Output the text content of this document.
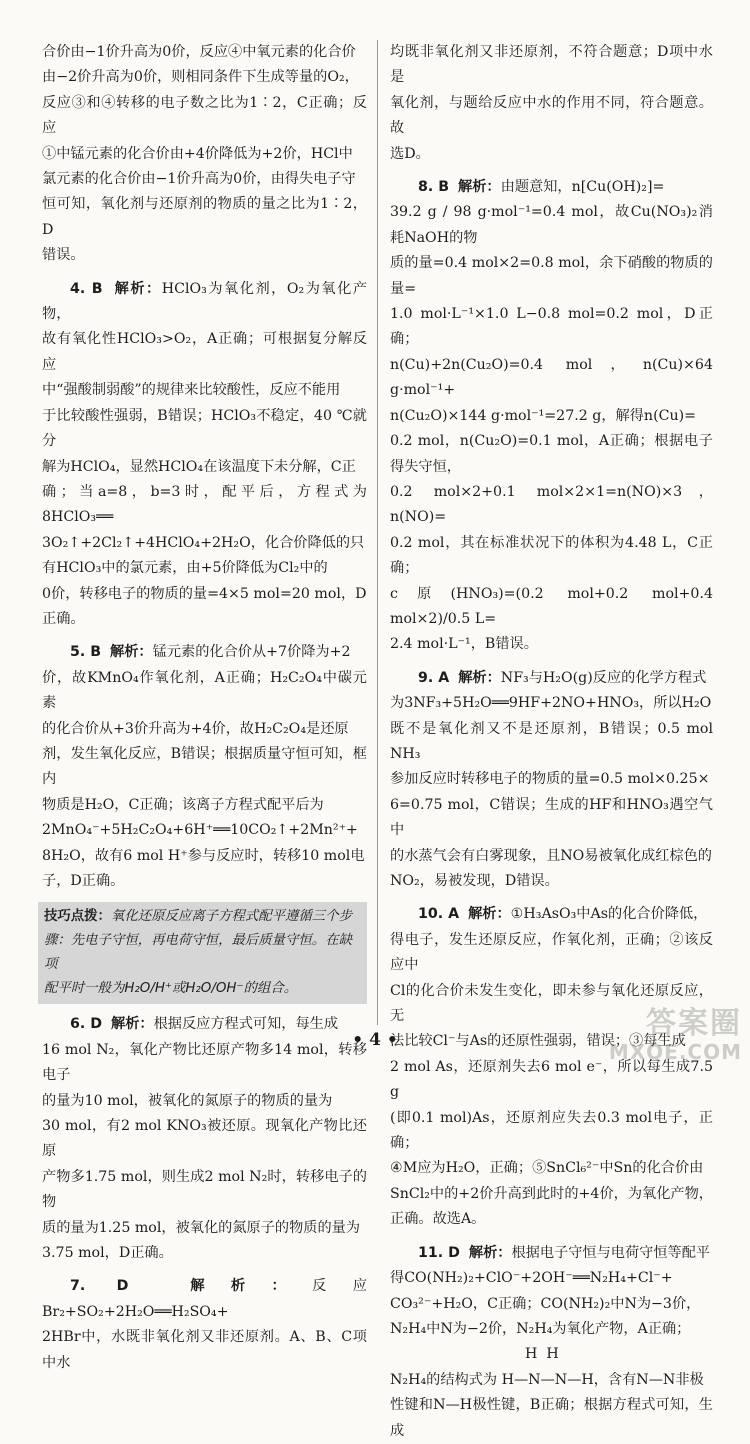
合价由−1价升高为0价，反应④中氧元素的化合价
由−2价升高为0价，则相同条件下生成等量的O₂，
反应③和④转移的电子数之比为1∶2，C正确；反应
①中锰元素的化合价由+4价降低为+2价，HCl中
氯元素的化合价由−1价升高为0价，由得失电子守
恒可知，氧化剂与还原剂的物质的量之比为1∶2，D
错误。
4. B 解析：HClO₃为氧化剂，O₂为氧化产物，
故有氧化性HClO₃>O₂，A正确；可根据复分解反应
中“强酸制弱酸”的规律来比较酸性，反应不能用
于比较酸性强弱，B错误；HClO₃不稳定，40 ℃就分
解为HClO₄，显然HClO₄在该温度下未分解，C正
确；当a=8，b=3时，配平后，方程式为8HClO₃══
3O₂↑+2Cl₂↑+4HClO₄+2H₂O，化合价降低的只
有HClO₃中的氯元素，由+5价降低为Cl₂中的
0价，转移电子的物质的量=4×5 mol=20 mol，D
正确。
5. B 解析：锰元素的化合价从+7价降为+2
价，故KMnO₄作氧化剂，A正确；H₂C₂O₄中碳元素
的化合价从+3价升高为+4价，故H₂C₂O₄是还原
剂，发生氧化反应，B错误；根据质量守恒可知，框内
物质是H₂O，C正确；该离子方程式配平后为
2MnO₄⁻+5H₂C₂O₄+6H⁺══10CO₂↑+2Mn²⁺+
8H₂O，故有6 mol H⁺参与反应时，转移10 mol电
子，D正确。
技巧点拨：氧化还原反应离子方程式配平遵循三个步
骤：先电子守恒，再电荷守恒，最后质量守恒。在缺项
配平时一般为H₂O/H⁺或H₂O/OH⁻的组合。
6. D 解析：根据反应方程式可知，每生成
16 mol N₂，氧化产物比还原产物多14 mol，转移电子
的量为10 mol，被氧化的氮原子的物质的量为
30 mol，有2 mol KNO₃被还原。现氧化产物比还原
产物多1.75 mol，则生成2 mol N₂时，转移电子的物
质的量为1.25 mol，被氧化的氮原子的物质的量为
3.75 mol，D正确。
7. D	解析：反应Br₂+SO₂+2H₂O══H₂SO₄+
2HBr中，水既非氧化剂又非还原剂。A、B、C项中水
均既非氧化剂又非还原剂，不符合题意；D项中水是
氧化剂，与题给反应中水的作用不同，符合题意。故
选D。
8. B 解析：由题意知，n[Cu(OH)₂]=
39.2 g / 98 g·mol⁻¹=0.4 mol，故Cu(NO₃)₂消耗NaOH的物
质的量=0.4 mol×2=0.8 mol，余下硝酸的物质的量=
1.0 mol·L⁻¹×1.0 L−0.8 mol=0.2 mol，D正确；
n(Cu)+2n(Cu₂O)=0.4 mol，n(Cu)×64 g·mol⁻¹+
n(Cu₂O)×144 g·mol⁻¹=27.2 g，解得n(Cu)=
0.2 mol，n(Cu₂O)=0.1 mol，A正确；根据电子得失守恒，
0.2 mol×2+0.1 mol×2×1=n(NO)×3，n(NO)=
0.2 mol，其在标准状况下的体积为4.48 L，C正确；
c原(HNO₃)=(0.2 mol+0.2 mol+0.4 mol×2)/0.5 L=
2.4 mol·L⁻¹，B错误。
9. A 解析：NF₃与H₂O(g)反应的化学方程式
为3NF₃+5H₂O══9HF+2NO+HNO₃，所以H₂O
既不是氧化剂又不是还原剂，B错误；0.5 mol NH₃
参加反应时转移电子的物质的量=0.5 mol×0.25×
6=0.75 mol，C错误；生成的HF和HNO₃遇空气中
的水蒸气会有白雾现象，且NO易被氧化成红棕色的
NO₂，易被发现，D错误。
10. A 解析：①H₃AsO₃中As的化合价降低，
得电子，发生还原反应，作氧化剂，正确；②该反应中
Cl的化合价未发生变化，即未参与氧化还原反应，无
法比较Cl⁻与As的还原性强弱，错误；③每生成
2 mol As，还原剂失去6 mol e⁻，所以每生成7.5 g
(即0.1 mol)As，还原剂应失去0.3 mol电子，正确；
④M应为H₂O，正确；⑤SnCl₆²⁻中Sn的化合价由
SnCl₂中的+2价升高到此时的+4价，为氧化产物，
正确。故选A。
11. D 解析：根据电子守恒与电荷守恒等配平
得CO(NH₂)₂+ClO⁻+2OH⁻══N₂H₄+Cl⁻+
CO₃²⁻+H₂O，C正确；CO(NH₂)₂中N为−3价，
N₂H₄中N为−2价，N₂H₄为氧化产物，A正确；
H  H
N₂H₄的结构式为 H—N—N—H，含有N—N非极
性键和N—H极性键，B正确；根据方程式可知，生成
• 4 •	答案圈
MXQE.COM
